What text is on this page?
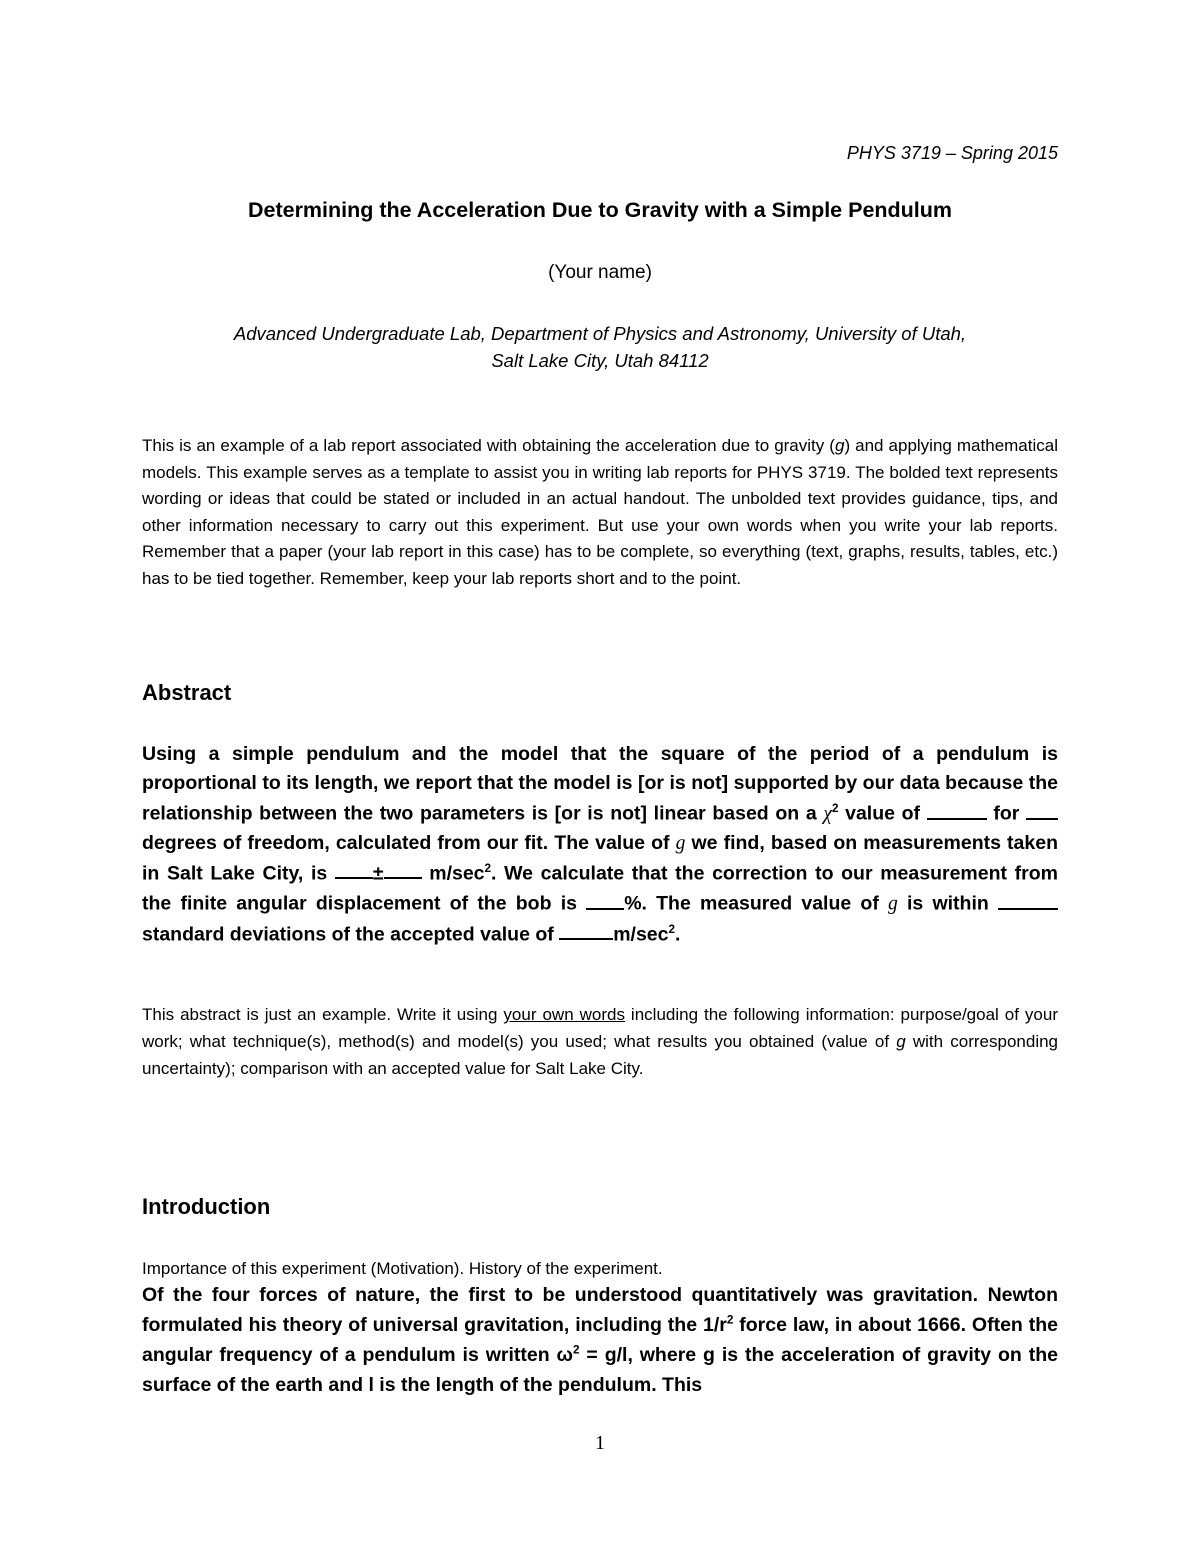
PHYS 3719 – Spring 2015
Determining the Acceleration Due to Gravity with a Simple Pendulum
(Your name)
Advanced Undergraduate Lab, Department of Physics and Astronomy, University of Utah,
Salt Lake City, Utah 84112
This is an example of a lab report associated with obtaining the acceleration due to gravity (g) and applying mathematical models. This example serves as a template to assist you in writing lab reports for PHYS 3719. The bolded text represents wording or ideas that could be stated or included in an actual handout. The unbolded text provides guidance, tips, and other information necessary to carry out this experiment. But use your own words when you write your lab reports. Remember that a paper (your lab report in this case) has to be complete, so everything (text, graphs, results, tables, etc.) has to be tied together. Remember, keep your lab reports short and to the point.
Abstract
Using a simple pendulum and the model that the square of the period of a pendulum is proportional to its length, we report that the model is [or is not] supported by our data because the relationship between the two parameters is [or is not] linear based on a $\chi^2$ value of	for  degrees of freedom, calculated from our fit. The value of g we find, based on measurements taken in Salt Lake City, is ± $m/\sec^2$. We calculate that the correction to our measurement from the finite angular displacement of the bob is %. The measured value of g is within  standard deviations of the accepted value of	$m/\sec^2$.
This abstract is just an example. Write it using your own words including the following information: purpose/goal of your work; what technique(s), method(s) and model(s) you used; what results you obtained (value of g with corresponding uncertainty); comparison with an accepted value for Salt Lake City.
Introduction
Importance of this experiment (Motivation). History of the experiment.
Of the four forces of nature, the first to be understood quantitatively was gravitation. Newton formulated his theory of universal gravitation, including the $1/r^2$ force law, in about 1666. Often the angular frequency of a pendulum is written $\omega^2 = g/l$, where g is the acceleration of gravity on the surface of the earth and l is the length of the pendulum. This
1
